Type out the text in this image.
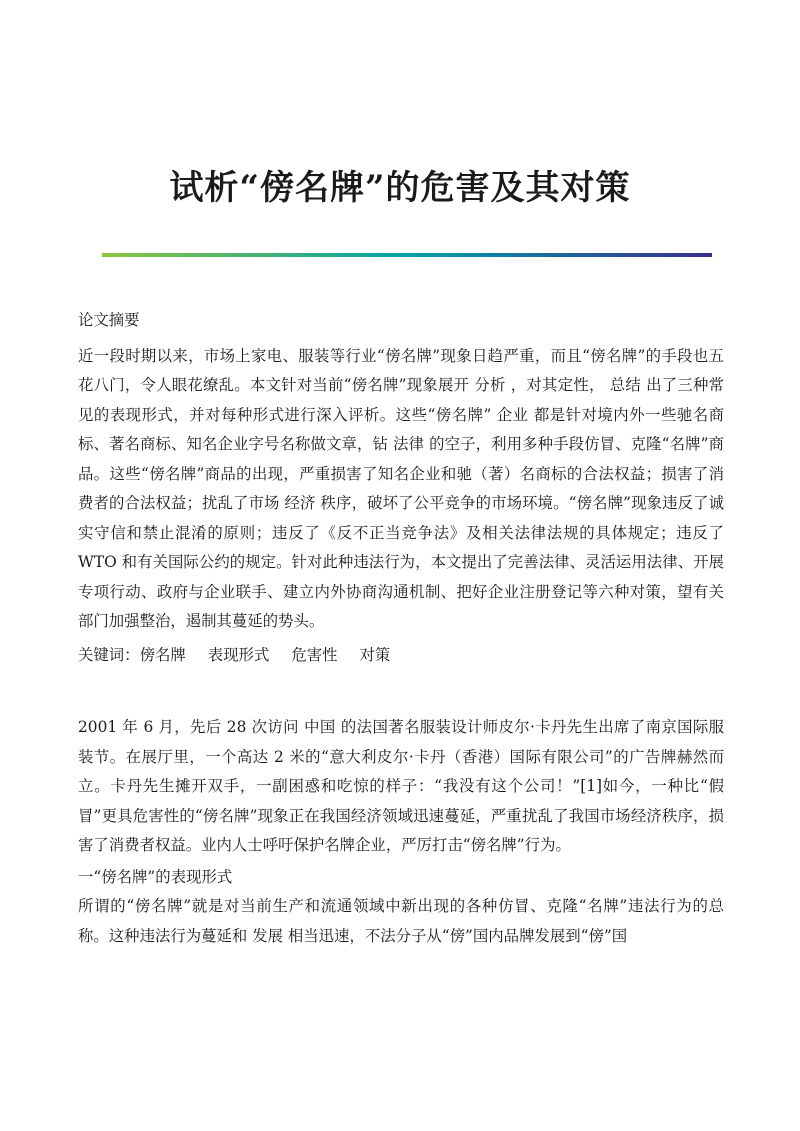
试析“傍名牌”的危害及其对策

论文摘要

近一段时期以来，市场上家电、服装等行业“傍名牌”现象日趋严重，而且“傍名牌”的手段也五花八门，令人眼花缭乱。本文针对当前“傍名牌”现象展开 分析 ，对其定性， 总结 出了三种常见的表现形式，并对每种形式进行深入评析。这些“傍名牌” 企业 都是针对境内外一些驰名商标、著名商标、知名企业字号名称做文章，钻 法律 的空子，利用多种手段仿冒、克隆“名牌”商品。这些“傍名牌”商品的出现，严重损害了知名企业和驰（著）名商标的合法权益；损害了消费者的合法权益；扰乱了市场 经济 秩序，破坏了公平竞争的市场环境。“傍名牌”现象违反了诚实守信和禁止混淆的原则；违反了《反不正当竞争法》及相关法律法规的具体规定；违反了 WTO 和有关国际公约的规定。针对此种违法行为，本文提出了完善法律、灵活运用法律、开展专项行动、政府与企业联手、建立内外协商沟通机制、把好企业注册登记等六种对策，望有关部门加强整治，遏制其蔓延的势头。

关键词：傍名牌 表现形式 危害性 对策

2001 年 6 月，先后 28 次访问 中国 的法国著名服装设计师皮尔·卡丹先生出席了南京国际服装节。在展厅里，一个高达 2 米的“意大利皮尔·卡丹（香港）国际有限公司”的广告牌赫然而立。卡丹先生摊开双手，一副困惑和吃惊的样子：“我没有这个公司！”[1]如今，一种比“假冒”更具危害性的“傍名牌”现象正在我国经济领域迅速蔓延，严重扰乱了我国市场经济秩序，损害了消费者权益。业内人士呼吁保护名牌企业，严厉打击“傍名牌”行为。

一“傍名牌”的表现形式

所谓的“傍名牌”就是对当前生产和流通领域中新出现的各种仿冒、克隆“名牌”违法行为的总称。这种违法行为蔓延和 发展 相当迅速，不法分子从“傍”国内品牌发展到“傍”国
